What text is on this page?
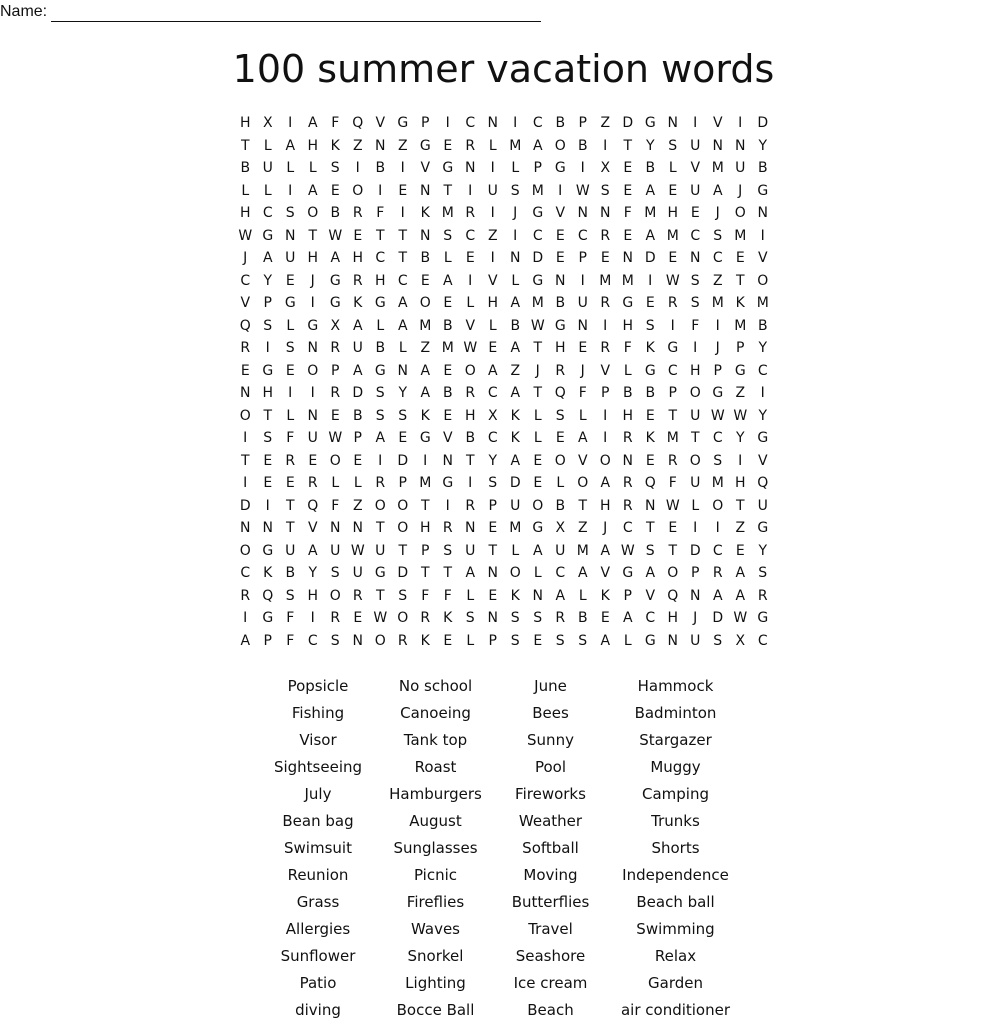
Name:
100 summer vacation words
H X	I	A F Q V G P	I	C N	I	C B P Z D G N	I	V	I	D
T	L A H K Z N Z G E R L M A O B	I	T Y S U N N Y
B U L	L	S	I	B	I	V G N	I	L	P G	I	X E B L V M U B
L	L	I	A E O	I	E N T	I	U S M	I W S E A E U A	J	G
H C S O B R F	I	K M R	I	J	G V N N F M H E	J	O N
W G N T W E T T N S C Z	I	C E C R E A M C S M	I
J	A U H A H C T B L	E	I	N D E P E N D E N C E V
C Y E	J	G R H C E A	I	V L G N	I	M M	I W S Z T O
V P G	I	G K G A O E	L H A M B U R G E R S M K M
Q S	L G X A L A M B V L B W G N	I	H S	I	F	I	M B
R	I	S N R U B L Z M W E A T H E R F K G	I	J	P	Y
E G E O P A G N A E O A Z	J	R	J	V L G C H P G C
N H	I	I	R D S Y A B R C A T Q F	P B B P O G Z	I
O T	L N E B S S K E H X K	L	S	L	I	H E T U W W Y
I	S	F U W P A E G V B C K	L	E A	I	R K M T C Y G
T E R E O E	I	D	I	N T Y A E O V O N E R O S	I	V
I	E E R L	L R P M G	I	S D E	L O A R Q F U M H Q
D	I	T Q F Z O O T	I	R P U O B T H R N W L O T U
N N T V N N T O H R N E M G X Z	J	C T E	I	I	Z G
O G U A U W U T P S U T	L A U M A W S T D C E Y
C K B Y S U G D T T A N O L C A V G A O P R A S
R Q S H O R T S	F	F	L	E K N A L	K P V Q N A A R
I	G F	I	R E W O R K S N S S R B E A C H	J	D W G
A P	F C S N O R K E	L	P S E S S A L G N U S X C
Popsicle	No school	June	Hammock
Fishing	Canoeing	Bees	Badminton
Visor	Tank top	Sunny	Stargazer
Sightseeing	Roast	Pool	Muggy
July	Hamburgers	Fireworks	Camping
Bean bag	August	Weather	Trunks
Swimsuit	Sunglasses	Softball	Shorts
Reunion	Picnic	Moving	Independence
Grass	Fireflies	Butterflies	Beach ball
Allergies	Waves	Travel	Swimming
Sunflower	Snorkel	Seashore	Relax
Patio	Lighting	Ice cream	Garden
diving	Bocce Ball	Beach	air conditioner
